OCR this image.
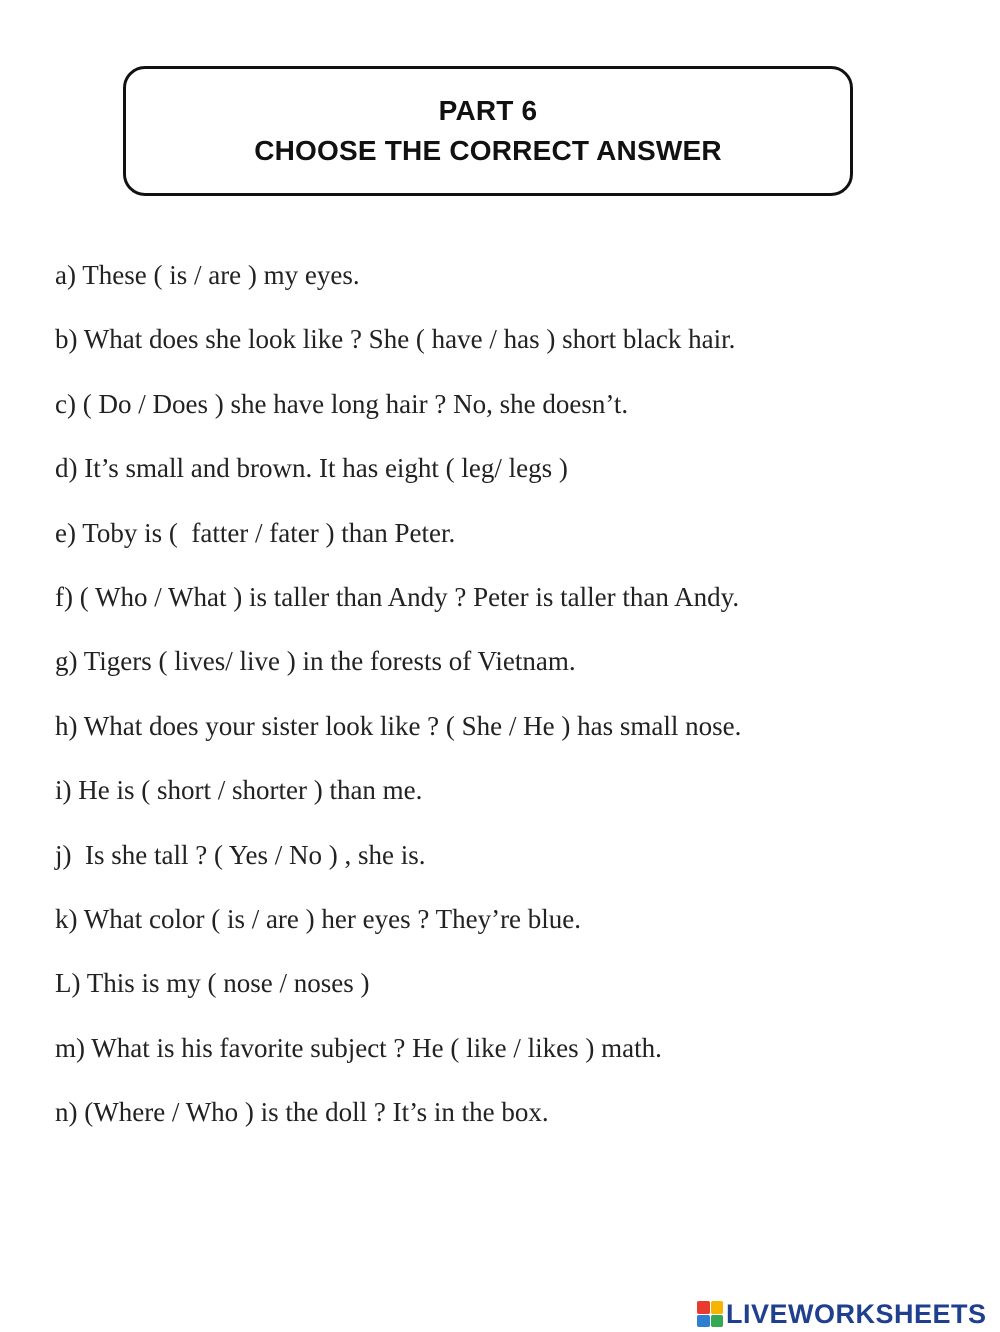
PART 6
CHOOSE THE CORRECT ANSWER
a) These ( is / are ) my eyes.
b) What does she look like ? She ( have / has ) short black hair.
c) ( Do / Does ) she have long hair ? No, she doesn’t.
d) It’s small and brown. It has eight ( leg/ legs )
e) Toby is (  fatter / fater ) than Peter.
f) ( Who / What ) is taller than Andy ? Peter is taller than Andy.
g) Tigers ( lives/ live ) in the forests of Vietnam.
h) What does your sister look like ? ( She / He ) has small nose.
i) He is ( short / shorter ) than me.
j)  Is she tall ? ( Yes / No ) , she is.
k) What color ( is / are ) her eyes ? They’re blue.
L) This is my ( nose / noses )
m) What is his favorite subject ? He ( like / likes ) math.
n) (Where / Who ) is the doll ? It’s in the box.
LIVEWORKSHEETS
